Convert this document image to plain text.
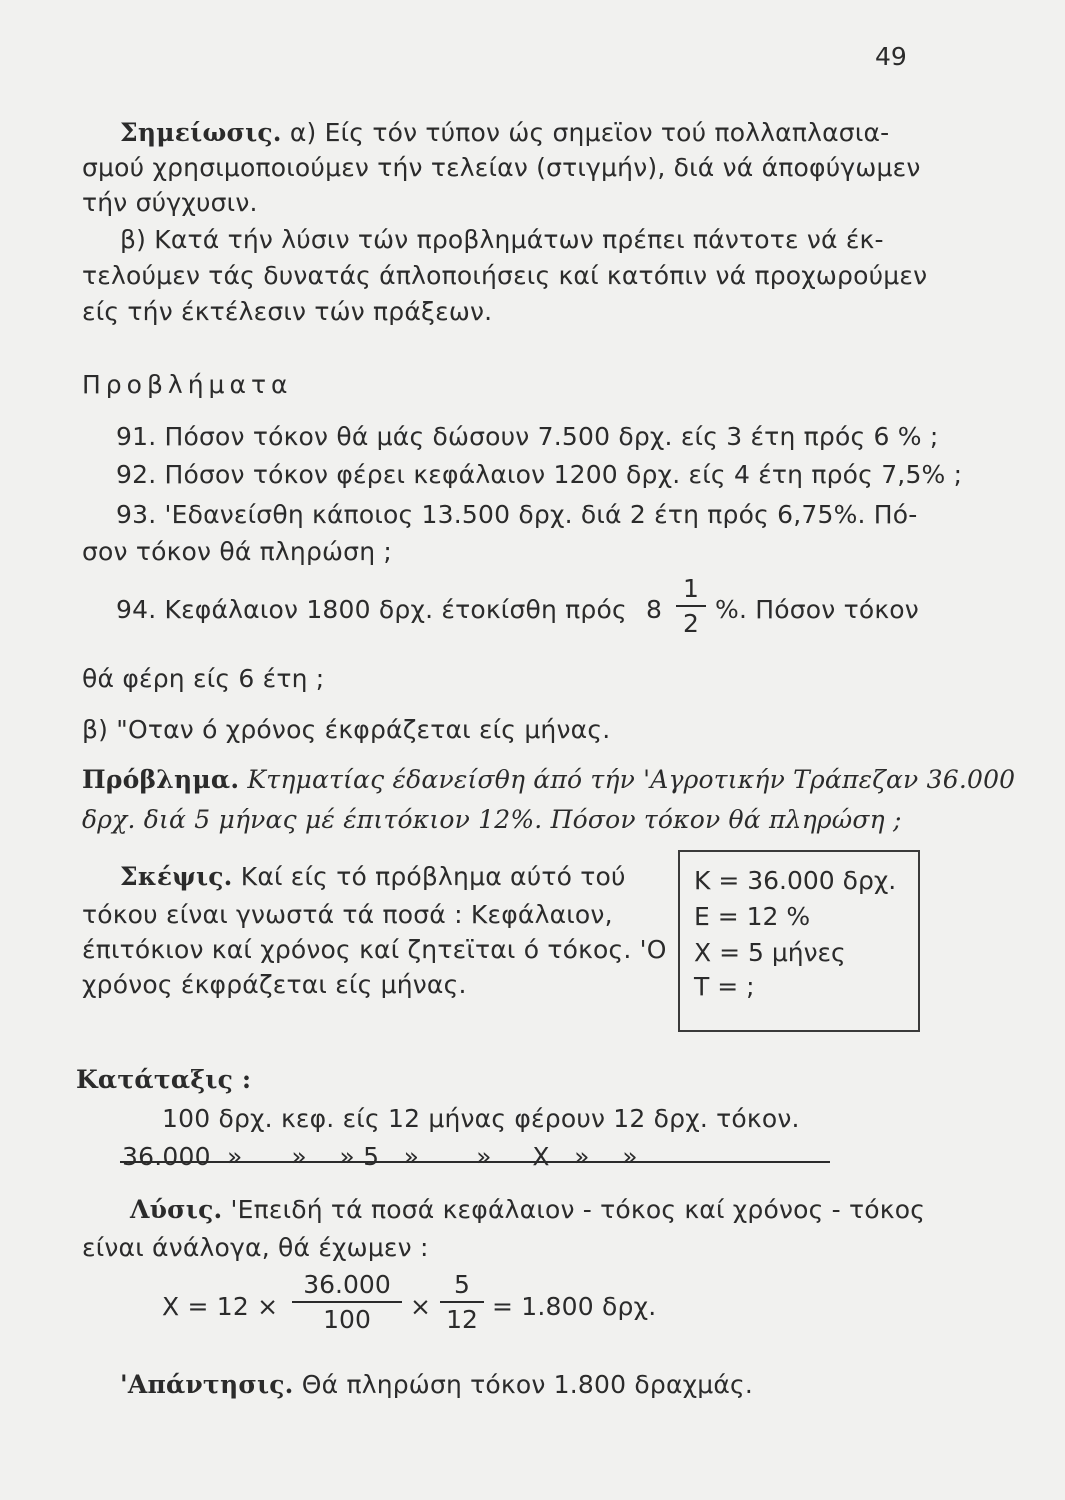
49
Σημείωσις. α) Είς τόν τύπον ώς σημεϊον τού πολλαπλασια-
σμού χρησιμοποιούμεν τήν τελείαν (στιγμήν), διά νά άποφύγωμεν
τήν σύγχυσιν.
β) Κατά τήν λύσιν τών προβλημάτων πρέπει πάντοτε νά έκ-
τελούμεν τάς δυνατάς άπλοποιήσεις καί κατόπιν νά προχωρούμεν
είς τήν έκτέλεσιν τών πράξεων.
Προβλήματα
91. Πόσον τόκον θά μάς δώσουν 7.500 δρχ. είς 3 έτη πρός 6 % ;
92. Πόσον τόκον φέρει κεφάλαιον 1200 δρχ. είς 4 έτη πρός 7,5% ;
93. 'Εδανείσθη κάποιος 13.500 δρχ. διά 2 έτη πρός 6,75%. Πό-
σον τόκον θά πληρώση ;
94. Κεφάλαιον 1800 δρχ. έτοκίσθη πρός 8
1
2 %. Πόσον τόκον
θά φέρη είς 6 έτη ;
β) "Οταν ό χρόνος έκφράζεται είς μήνας.
Πρόβλημα. Κτηματίας έδανείσθη άπό τήν 'Αγροτικήν Τράπεζαν 36.000
δρχ. διά 5 μήνας μέ έπιτόκιον 12%. Πόσον τόκον θά πληρώση ;
Σκέψις. Καί είς τό πρόβλημα αύτό τού
τόκου είναι γνωστά τά ποσά : Κεφάλαιον,
έπιτόκιον καί χρόνος καί ζητεϊται ό τόκος. 'Ο
χρόνος έκφράζεται είς μήνας.
Κ = 36.000 δρχ.
Ε = 12 %
Χ = 5 μήνες
Τ = ;
Κατάταξις :
100 δρχ. κεφ. είς 12 μήνας φέρουν 12 δρχ. τόκον.
36.000  »      »    » 5   »       »     Χ   »    »
Λύσις. 'Επειδή τά ποσά κεφάλαιον - τόκος καί χρόνος - τόκος
είναι άνάλογα, θά έχωμεν :
Χ = 12 ×
36.000
100	×
5
12 = 1.800 δρχ.
'Απάντησις. Θά πληρώση τόκον 1.800 δραχμάς.
